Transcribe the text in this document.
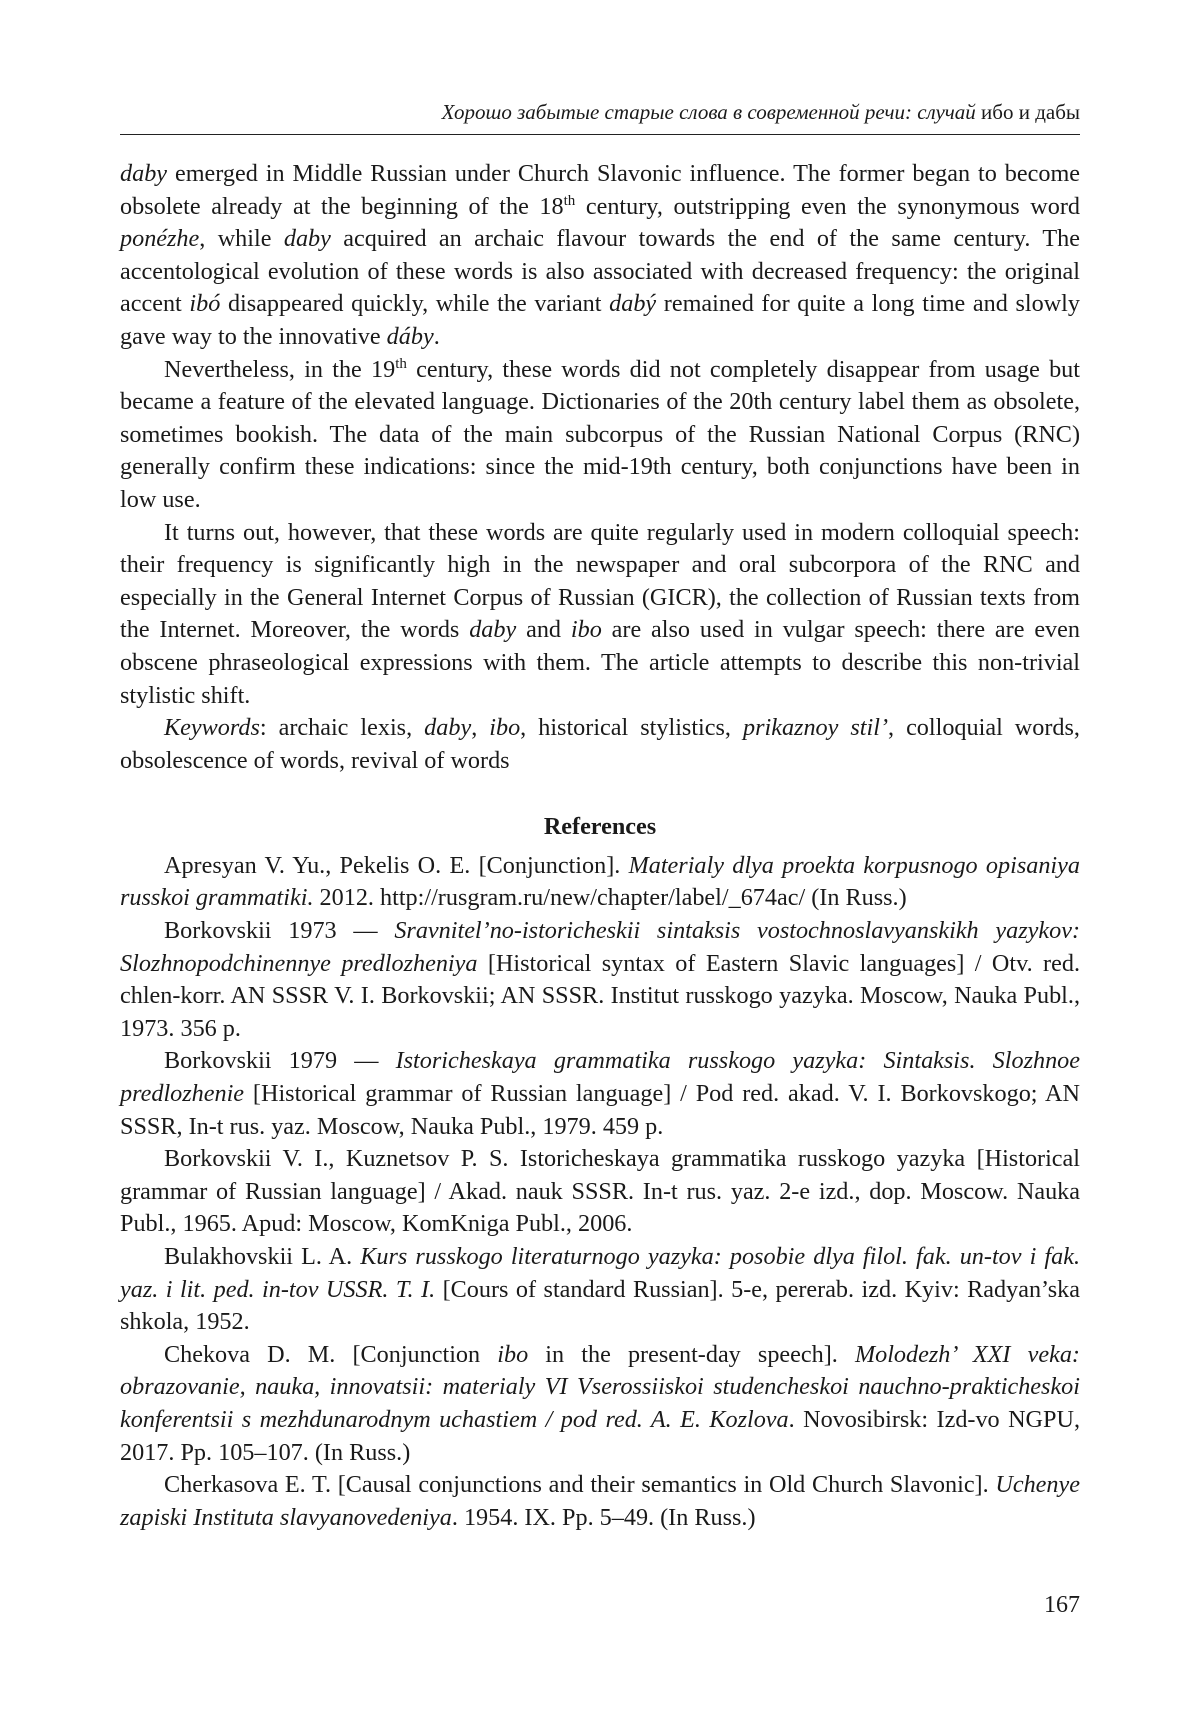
Хорошо забытые старые слова в современной речи: случай ибо и дабы

daby emerged in Middle Russian under Church Slavonic influence. The former began to become obsolete already at the beginning of the 18th century, outstripping even the synonymous word ponézhe, while daby acquired an archaic flavour towards the end of the same century. The accentological evolution of these words is also associated with decreased frequency: the original accent ibó disappeared quickly, while the variant dabý remained for quite a long time and slowly gave way to the innovative dáby.

Nevertheless, in the 19th century, these words did not completely disappear from usage but became a feature of the elevated language. Dictionaries of the 20th century label them as obsolete, sometimes bookish. The data of the main subcorpus of the Russian National Corpus (RNC) generally confirm these indications: since the mid-19th century, both conjunctions have been in low use.

It turns out, however, that these words are quite regularly used in modern colloquial speech: their frequency is significantly high in the newspaper and oral subcorpora of the RNC and especially in the General Internet Corpus of Russian (GICR), the collection of Russian texts from the Internet. Moreover, the words daby and ibo are also used in vulgar speech: there are even obscene phraseological expressions with them. The article attempts to describe this non-trivial stylistic shift.

Keywords: archaic lexis, daby, ibo, historical stylistics, prikaznoy stil’, colloquial words, obsolescence of words, revival of words

References

Apresyan V. Yu., Pekelis O. E. [Conjunction]. Materialy dlya proekta korpusnogo opisaniya russkoi grammatiki. 2012. http://rusgram.ru/new/chapter/label/_674ac/ (In Russ.)

Borkovskii 1973 — Sravnitel’no-istoricheskii sintaksis vostochnoslavyanskikh yazykov: Slozhnopodchinennye predlozheniya [Historical syntax of Eastern Slavic languages] / Otv. red. chlen-korr. AN SSSR V. I. Borkovskii; AN SSSR. Institut russkogo yazyka. Moscow, Nauka Publ., 1973. 356 p.

Borkovskii 1979 — Istoricheskaya grammatika russkogo yazyka: Sintaksis. Slozhnoe predlozhenie [Historical grammar of Russian language] / Pod red. akad. V. I. Borkovskogo; AN SSSR, In-t rus. yaz. Moscow, Nauka Publ., 1979. 459 p.

Borkovskii V. I., Kuznetsov P. S. Istoricheskaya grammatika russkogo yazyka [Historical grammar of Russian language] / Akad. nauk SSSR. In-t rus. yaz. 2-e izd., dop. Moscow. Nauka Publ., 1965. Apud: Moscow, KomKniga Publ., 2006.

Bulakhovskii L. A. Kurs russkogo literaturnogo yazyka: posobie dlya filol. fak. un-tov i fak. yaz. i lit. ped. in-tov USSR. T. I. [Cours of standard Russian]. 5-e, pererab. izd. Kyiv: Radyan’ska shkola, 1952.

Chekova D. M. [Conjunction ibo in the present-day speech]. Molodezh’ XXI veka: obrazovanie, nauka, innovatsii: materialy VI Vserossiiskoi studencheskoi nauchno-prakticheskoi konferentsii s mezhdunarodnym uchastiem / pod red. A. E. Kozlova. Novosibirsk: Izd-vo NGPU, 2017. Pp. 105–107. (In Russ.)

Cherkasova E. T. [Causal conjunctions and their semantics in Old Church Slavonic]. Uchenye zapiski Instituta slavyanovedeniya. 1954. IX. Pp. 5–49. (In Russ.)

167
